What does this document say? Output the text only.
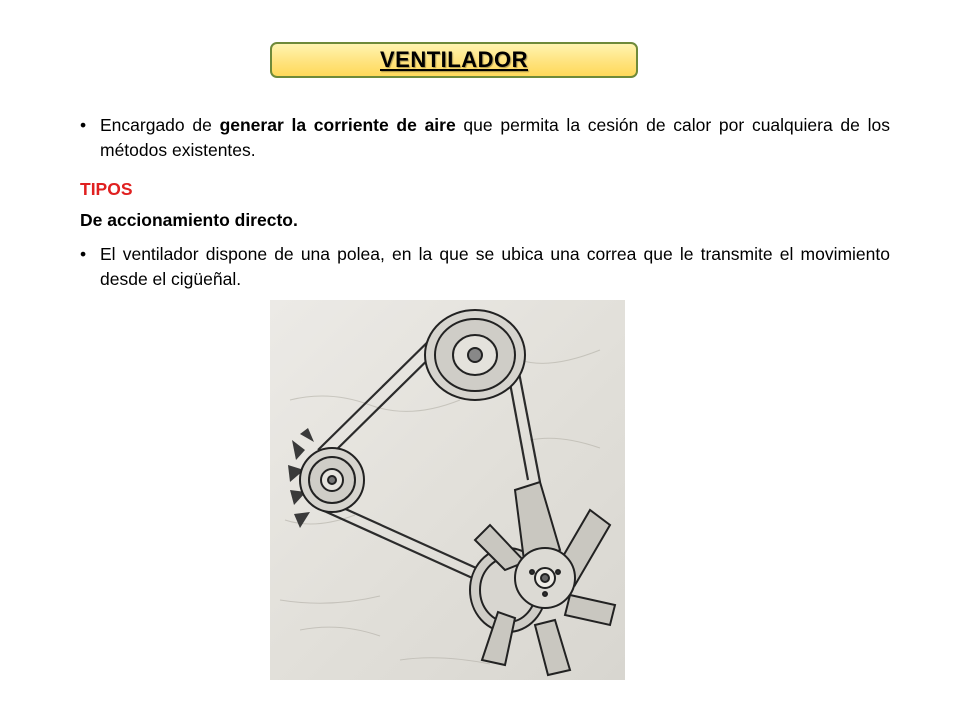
VENTILADOR
• Encargado de generar la corriente de aire que permita la cesión de calor por cualquiera de los métodos existentes.
TIPOS
De accionamiento directo.
• El ventilador dispone de una polea, en la que se ubica una correa que le transmite el movimiento desde el cigüeñal.
